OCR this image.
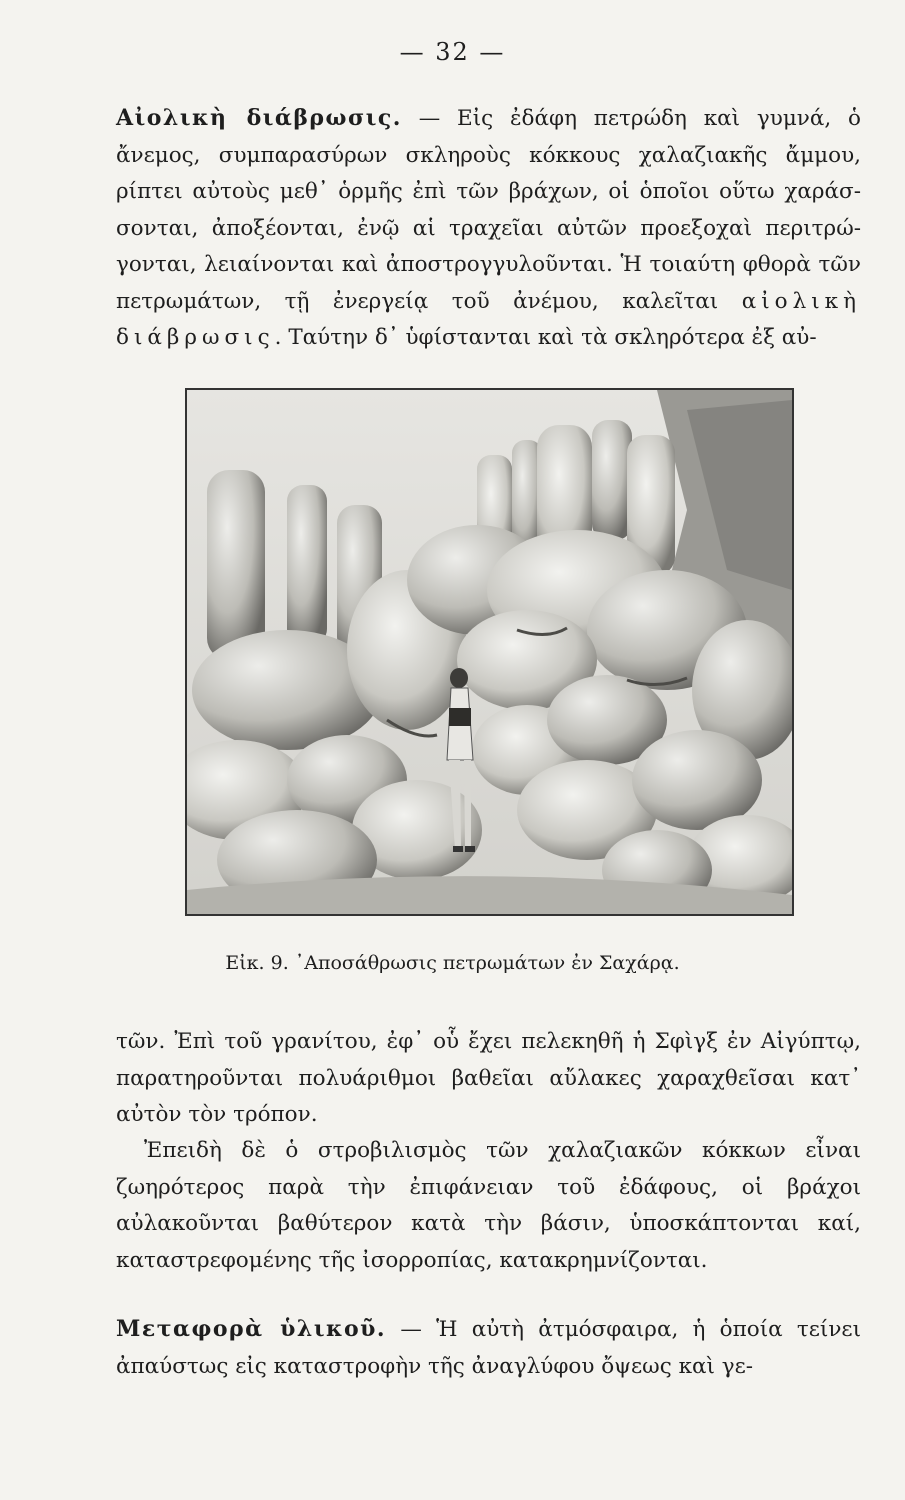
— 32 —

Αἰολικὴ διάβρωσις. — Εἰς ἐδάφη πετρώδη καὶ γυμνά, ὁ ἄνεμος, συμπαρασύρων σκληροὺς κόκκους χαλαζιακῆς ἄμμου, ρίπτει αὐτοὺς μεθ᾽ ὁρμῆς ἐπὶ τῶν βράχων, οἱ ὁποῖοι οὕτω χαράσ- σονται, ἀποξέονται, ἐνῷ αἱ τραχεῖαι αὐτῶν προεξοχαὶ περιτρώ- γονται, λειαίνονται καὶ ἀποστρογγυλοῦνται. Ἡ τοιαύτη φθορὰ τῶν πετρωμάτων, τῇ ἐνεργείᾳ τοῦ ἀνέμου, καλεῖται αἰολικὴ διάβρωσις. Ταύτην δ᾽ ὑφίστανται καὶ τὰ σκληρότερα ἐξ αὐ-

Εἰκ. 9. ᾿Αποσάθρωσις πετρωμάτων ἐν Σαχάρᾳ.

τῶν. Ἐπὶ τοῦ γρανίτου, ἐφ᾽ οὗ ἔχει πελεκηθῆ ἡ Σφὶγξ ἐν Αἰγύπτῳ, παρατηροῦνται πολυάριθμοι βαθεῖαι αὔλακες χαραχθεῖσαι κατ᾽ αὐτὸν τὸν τρόπον.

Ἐπειδὴ δὲ ὁ στροβιλισμὸς τῶν χαλαζιακῶν κόκκων εἶναι ζωηρότερος παρὰ τὴν ἐπιφάνειαν τοῦ ἐδάφους, οἱ βράχοι αὐλακοῦνται βαθύτερον κατὰ τὴν βάσιν, ὑποσκάπτονται καί, καταστρεφομένης τῆς ἰσορροπίας, κατακρημνίζονται.

Μεταφορὰ ὑλικοῦ. — Ἡ αὐτὴ ἀτμόσφαιρα, ἡ ὁποία τείνει ἀπαύστως εἰς καταστροφὴν τῆς ἀναγλύφου ὄψεως καὶ γε-
